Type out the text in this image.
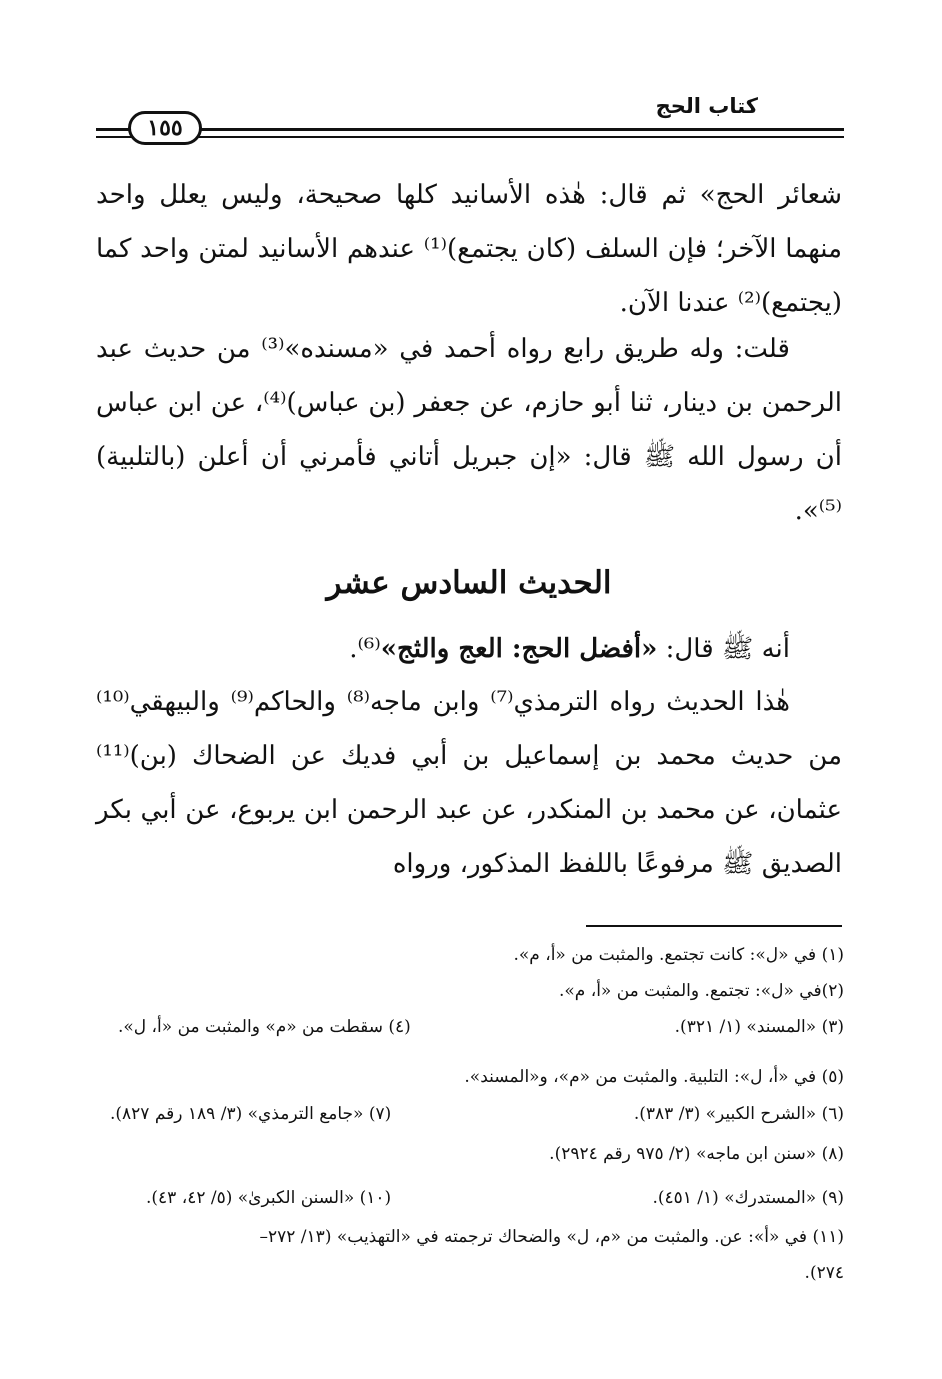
كتاب الحج
١٥٥
شعائر الحج» ثم قال: هٰذه الأسانيد كلها صحيحة، وليس يعلل واحد منهما الآخر؛ فإن السلف (كان يجتمع)⁽¹⁾ عندهم الأسانيد لمتن واحد كما (يجتمع)⁽²⁾ عندنا الآن.
قلت: وله طريق رابع رواه أحمد في «مسنده»⁽³⁾ من حديث عبد الرحمن بن دينار، ثنا أبو حازم، عن جعفر (بن عباس)⁽⁴⁾، عن ابن عباس أن رسول الله ﷺ قال: «إن جبريل أتاني فأمرني أن أعلن (بالتلبية)⁽⁵⁾».
الحديث السادس عشر
أنه ﷺ قال: «أفضل الحج: العج والثج»⁽⁶⁾.
هٰذا الحديث رواه الترمذي⁽⁷⁾ وابن ماجه⁽⁸⁾ والحاكم⁽⁹⁾ والبيهقي⁽¹⁰⁾ من حديث محمد بن إسماعيل بن أبي فديك عن الضحاك (بن)⁽¹¹⁾ عثمان، عن محمد بن المنكدر، عن عبد الرحمن ابن يربوع، عن أبي بكر الصديق ﷺ مرفوعًا باللفظ المذكور، ورواه
(١) في «ل»: كانت تجتمع. والمثبت من «أ، م».
(٢)في «ل»: تجتمع. والمثبت من «أ، م».
(٣) «المسند» (١/ ٣٢١).
(٤) سقطت من «م» والمثبت من «أ، ل».
(٥) في «أ، ل»: التلبية. والمثبت من «م»، و«المسند».
(٦) «الشرح الكبير» (٣/ ٣٨٣).
(٧) «جامع الترمذي» (٣/ ١٨٩ رقم ٨٢٧).
(٨) «سنن ابن ماجه» (٢/ ٩٧٥ رقم ٢٩٢٤).
(٩) «المستدرك» (١/ ٤٥١).
(١٠) «السنن الكبرىٰ» (٥/ ٤٢، ٤٣).
(١١) في «أ»: عن. والمثبت من «م، ل» والضحاك ترجمته في «التهذيب» (١٣/ ٢٧٢–
٢٧٤).
